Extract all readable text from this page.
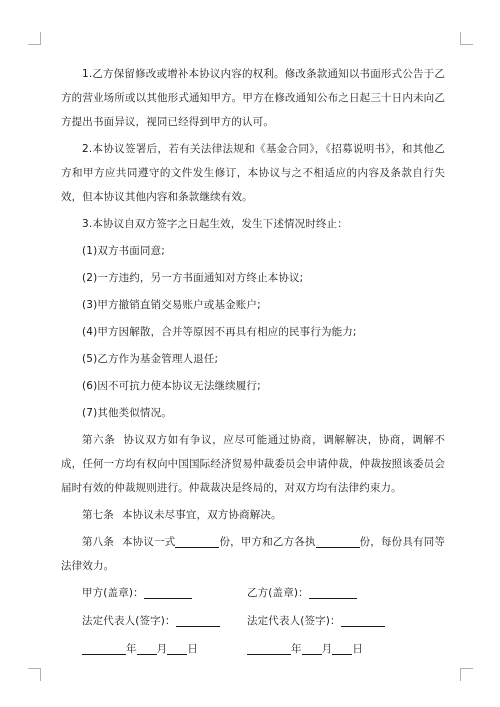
1.乙方保留修改或增补本协议内容的权利。修改条款通知以书面形式公告于乙方的营业场所或以其他形式通知甲方。甲方在修改通知公布之日起三十日内未向乙方提出书面异议，视同已经得到甲方的认可。

2.本协议签署后，若有关法律法规和《基金合同》，《招募说明书》，和其他乙方和甲方应共同遵守的文件发生修订，本协议与之不相适应的内容及条款自行失效，但本协议其他内容和条款继续有效。

3.本协议自双方签字之日起生效，发生下述情况时终止：

(1)双方书面同意;

(2)一方违约，另一方书面通知对方终止本协议;

(3)甲方撤销直销交易账户或基金账户;

(4)甲方因解散，合并等原因不再具有相应的民事行为能力;

(5)乙方作为基金管理人退任;

(6)因不可抗力使本协议无法继续履行;

(7)其他类似情况。

第六条 协议双方如有争议，应尽可能通过协商，调解解决，协商，调解不成，任何一方均有权向中国国际经济贸易仲裁委员会申请仲裁，仲裁按照该委员会届时有效的仲裁规则进行。仲裁裁决是终局的，对双方均有法律约束力。

第七条 本协议未尽事宜，双方协商解决。

第八条 本协议一式	份，甲方和乙方各执	份，每份具有同等法律效力。

甲方(盖章)：	乙方(盖章)：
法定代表人(签字)：	法定代表人(签字)：
年 月 日	年 月 日
